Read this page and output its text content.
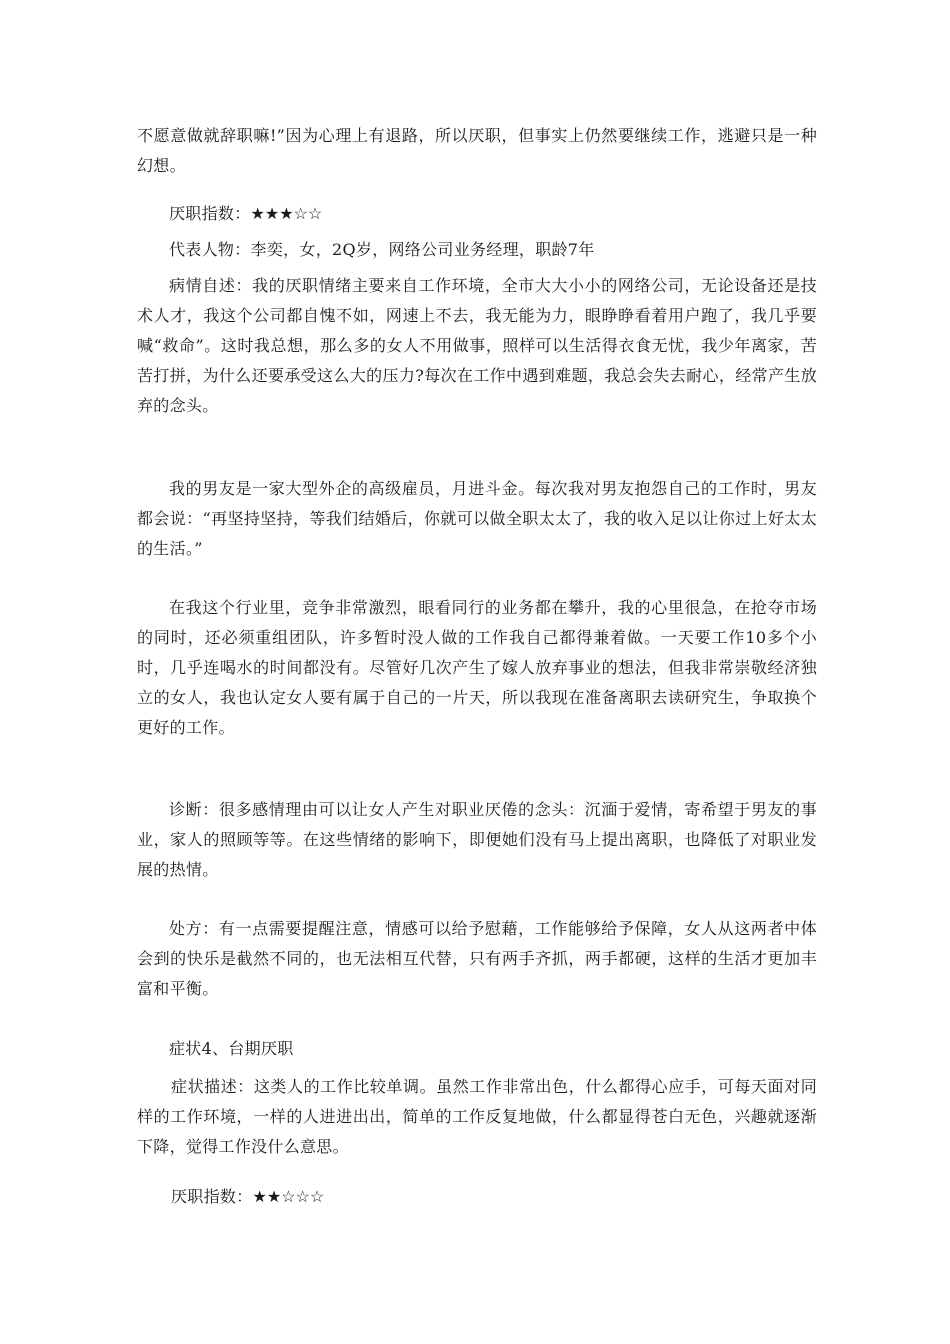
不愿意做就辞职嘛!”因为心理上有退路，所以厌职，但事实上仍然要继续工作，逃避只是一种幻想。

厌职指数：★★★☆☆

代表人物：李奕，女，2Q岁，网络公司业务经理，职龄7年

病情自述：我的厌职情绪主要来自工作环境，全市大大小小的网络公司，无论设备还是技术人才，我这个公司都自愧不如，网速上不去，我无能为力，眼睁睁看着用户跑了，我几乎要喊“救命”。这时我总想，那么多的女人不用做事，照样可以生活得衣食无忧，我少年离家，苦苦打拼，为什么还要承受这么大的压力?每次在工作中遇到难题，我总会失去耐心，经常产生放弃的念头。

我的男友是一家大型外企的高级雇员，月进斗金。每次我对男友抱怨自己的工作时，男友都会说：“再坚持坚持，等我们结婚后，你就可以做全职太太了，我的收入足以让你过上好太太的生活。”

在我这个行业里，竞争非常激烈，眼看同行的业务都在攀升，我的心里很急，在抢夺市场的同时，还必须重组团队，许多暂时没人做的工作我自己都得兼着做。一天要工作10多个小时，几乎连喝水的时间都没有。尽管好几次产生了嫁人放弃事业的想法，但我非常崇敬经济独立的女人，我也认定女人要有属于自己的一片天，所以我现在准备离职去读研究生，争取换个更好的工作。

诊断：很多感情理由可以让女人产生对职业厌倦的念头：沉湎于爱情，寄希望于男友的事业，家人的照顾等等。在这些情绪的影响下，即便她们没有马上提出离职，也降低了对职业发展的热情。

处方：有一点需要提醒注意，情感可以给予慰藉，工作能够给予保障，女人从这两者中体会到的快乐是截然不同的，也无法相互代替，只有两手齐抓，两手都硬，这样的生活才更加丰富和平衡。

症状4、台期厌职

症状描述：这类人的工作比较单调。虽然工作非常出色，什么都得心应手，可每天面对同样的工作环境，一样的人进进出出，简单的工作反复地做，什么都显得苍白无色，兴趣就逐渐下降，觉得工作没什么意思。

厌职指数：★★☆☆☆
